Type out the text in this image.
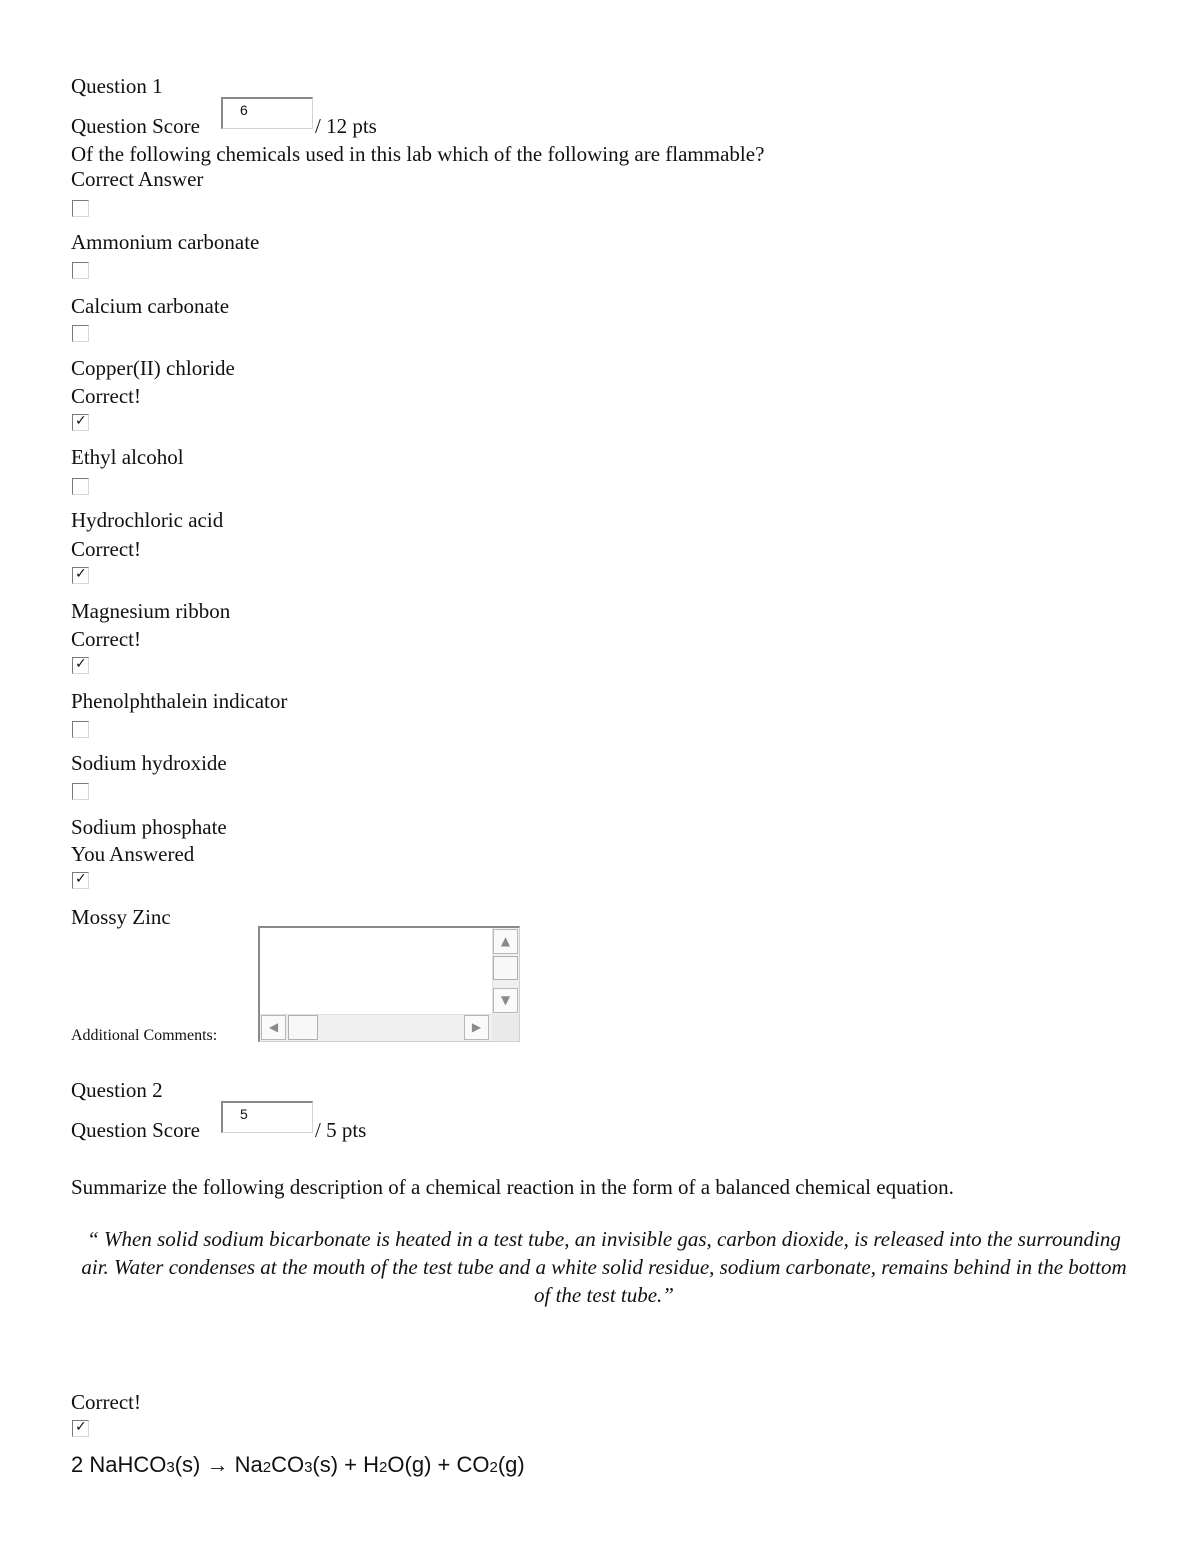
Question 1
Question Score
6
/ 12 pts
Of the following chemicals used in this lab which of the following are flammable?
Correct Answer
Ammonium carbonate
Calcium carbonate
Copper(II) chloride
Correct!
✓
Ethyl alcohol
Hydrochloric acid
Correct!
✓
Magnesium ribbon
Correct!
✓
Phenolphthalein indicator
Sodium hydroxide
Sodium phosphate
You Answered
✓
Mossy Zinc
Additional Comments:
▲
▼
◀	▶
Question 2
Question Score
5
/ 5 pts
Summarize the following description of a chemical reaction in the form of a balanced chemical equation.
“ When solid sodium bicarbonate is heated in a test tube, an invisible gas, carbon dioxide, is released into the surrounding air. Water condenses at the mouth of the test tube and a white solid residue, sodium carbonate, remains behind in the bottom of the test tube.”
Correct!
✓
2 NaHCO3(s) → Na2CO3(s) + H2O(g) + CO2(g)
